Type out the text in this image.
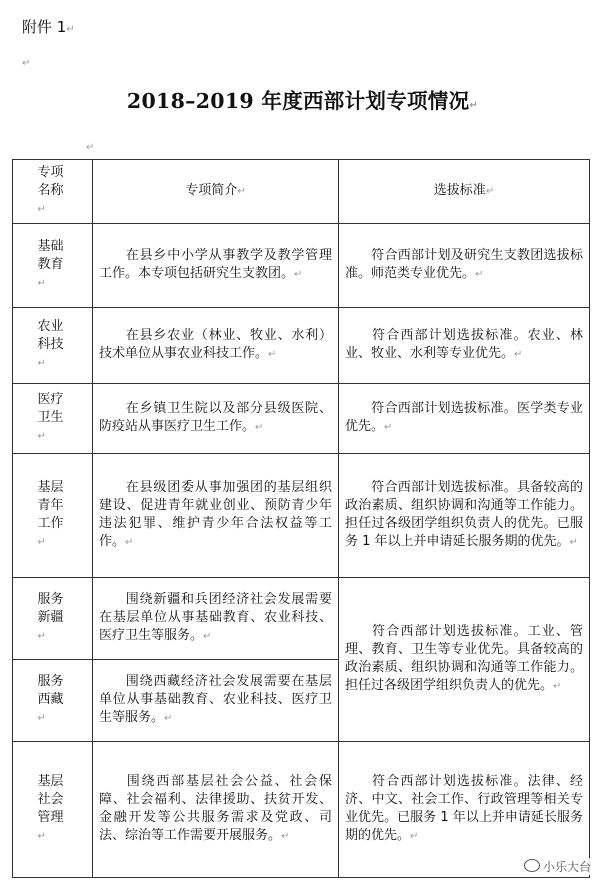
附件 1↵
↵
2018–2019 年度西部计划专项情况↵
↵
专项
名称↵	专项简介↵	选拔标准↵
基础
教育↵	在县乡中小学从事教学及教学管理工作。本专项包括研究生支教团。↵	符合西部计划及研究生支教团选拔标准。师范类专业优先。↵
农业
科技↵	在县乡农业（林业、牧业、水利）技术单位从事农业科技工作。↵	符合西部计划选拔标准。农业、林业、牧业、水利等专业优先。↵
医疗
卫生↵	在乡镇卫生院以及部分县级医院、防疫站从事医疗卫生工作。↵	符合西部计划选拔标准。医学类专业优先。↵
基层
青年
工作↵	在县级团委从事加强团的基层组织建设、促进青年就业创业、预防青少年违法犯罪、维护青少年合法权益等工作。↵	符合西部计划选拔标准。具备较高的政治素质、组织协调和沟通等工作能力。担任过各级团学组织负责人的优先。已服务 1 年以上并申请延长服务期的优先。↵
服务
新疆↵	围绕新疆和兵团经济社会发展需要在基层单位从事基础教育、农业科技、医疗卫生等服务。↵	符合西部计划选拔标准。工业、管理、教育、卫生等专业优先。具备较高的政治素质、组织协调和沟通等工作能力。担任过各级团学组织负责人的优先。↵
服务
西藏↵	围绕西藏经济社会发展需要在基层单位从事基础教育、农业科技、医疗卫生等服务。↵	
基层
社会
管理↵	围绕西部基层社会公益、社会保障、社会福利、法律援助、扶贫开发、金融开发等公共服务需求及党政、司法、综治等工作需要开展服务。↵	符合西部计划选拔标准。法律、经济、中文、社会工作、行政管理等相关专业优先。已服务 1 年以上并申请延长服务期的优先。↵
小乐大台
